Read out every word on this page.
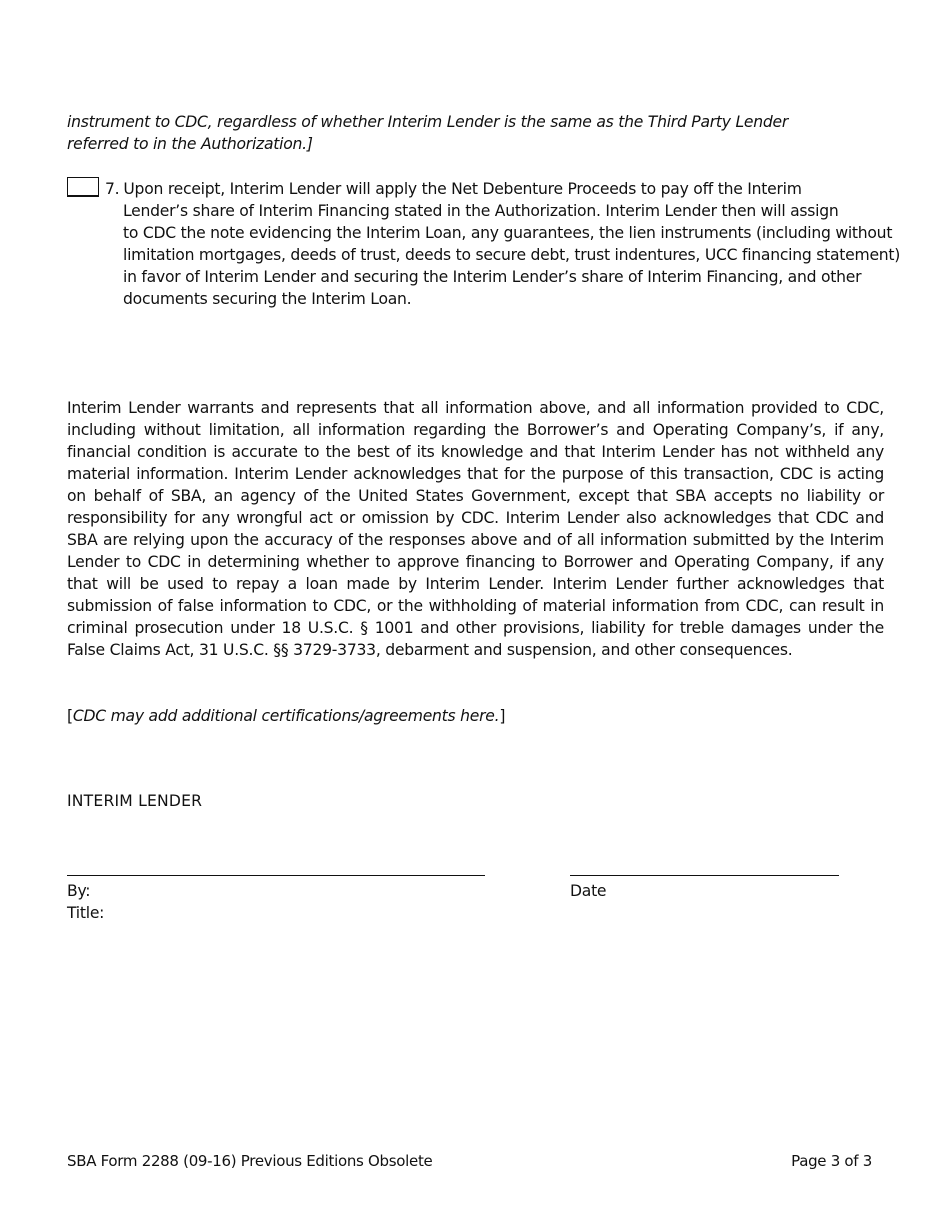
instrument to CDC, regardless of whether Interim Lender is the same as the Third Party Lender
referred to in the Authorization.]
7. Upon receipt, Interim Lender will apply the Net Debenture Proceeds to pay off the Interim
Lender’s share of Interim Financing stated in the Authorization. Interim Lender then will assign
to CDC the note evidencing the Interim Loan, any guarantees, the lien instruments (including without
limitation mortgages, deeds of trust, deeds to secure debt, trust indentures, UCC financing statement)
in favor of Interim Lender and securing the Interim Lender’s share of Interim Financing, and other
documents securing the Interim Loan.
Interim Lender warrants and represents that all information above, and all information provided to CDC, including without limitation, all information regarding the Borrower’s and Operating Company’s, if any, financial condition is accurate to the best of its knowledge and that Interim Lender has not withheld any material information. Interim Lender acknowledges that for the purpose of this transaction, CDC is acting on behalf of SBA, an agency of the United States Government, except that SBA accepts no liability or responsibility for any wrongful act or omission by CDC. Interim Lender also acknowledges that CDC and SBA are relying upon the accuracy of the responses above and of all information submitted by the Interim Lender to CDC in determining whether to approve financing to Borrower and Operating Company, if any that will be used to repay a loan made by Interim Lender. Interim Lender further acknowledges that submission of false information to CDC, or the withholding of material information from CDC, can result in criminal prosecution under 18 U.S.C. § 1001 and other provisions, liability for treble damages under the False Claims Act, 31 U.S.C. §§ 3729-3733, debarment and suspension, and other consequences.
[CDC may add additional certifications/agreements here.]
INTERIM LENDER
By:
Title:
Date
SBA Form 2288 (09-16) Previous Editions Obsolete	Page 3 of 3
